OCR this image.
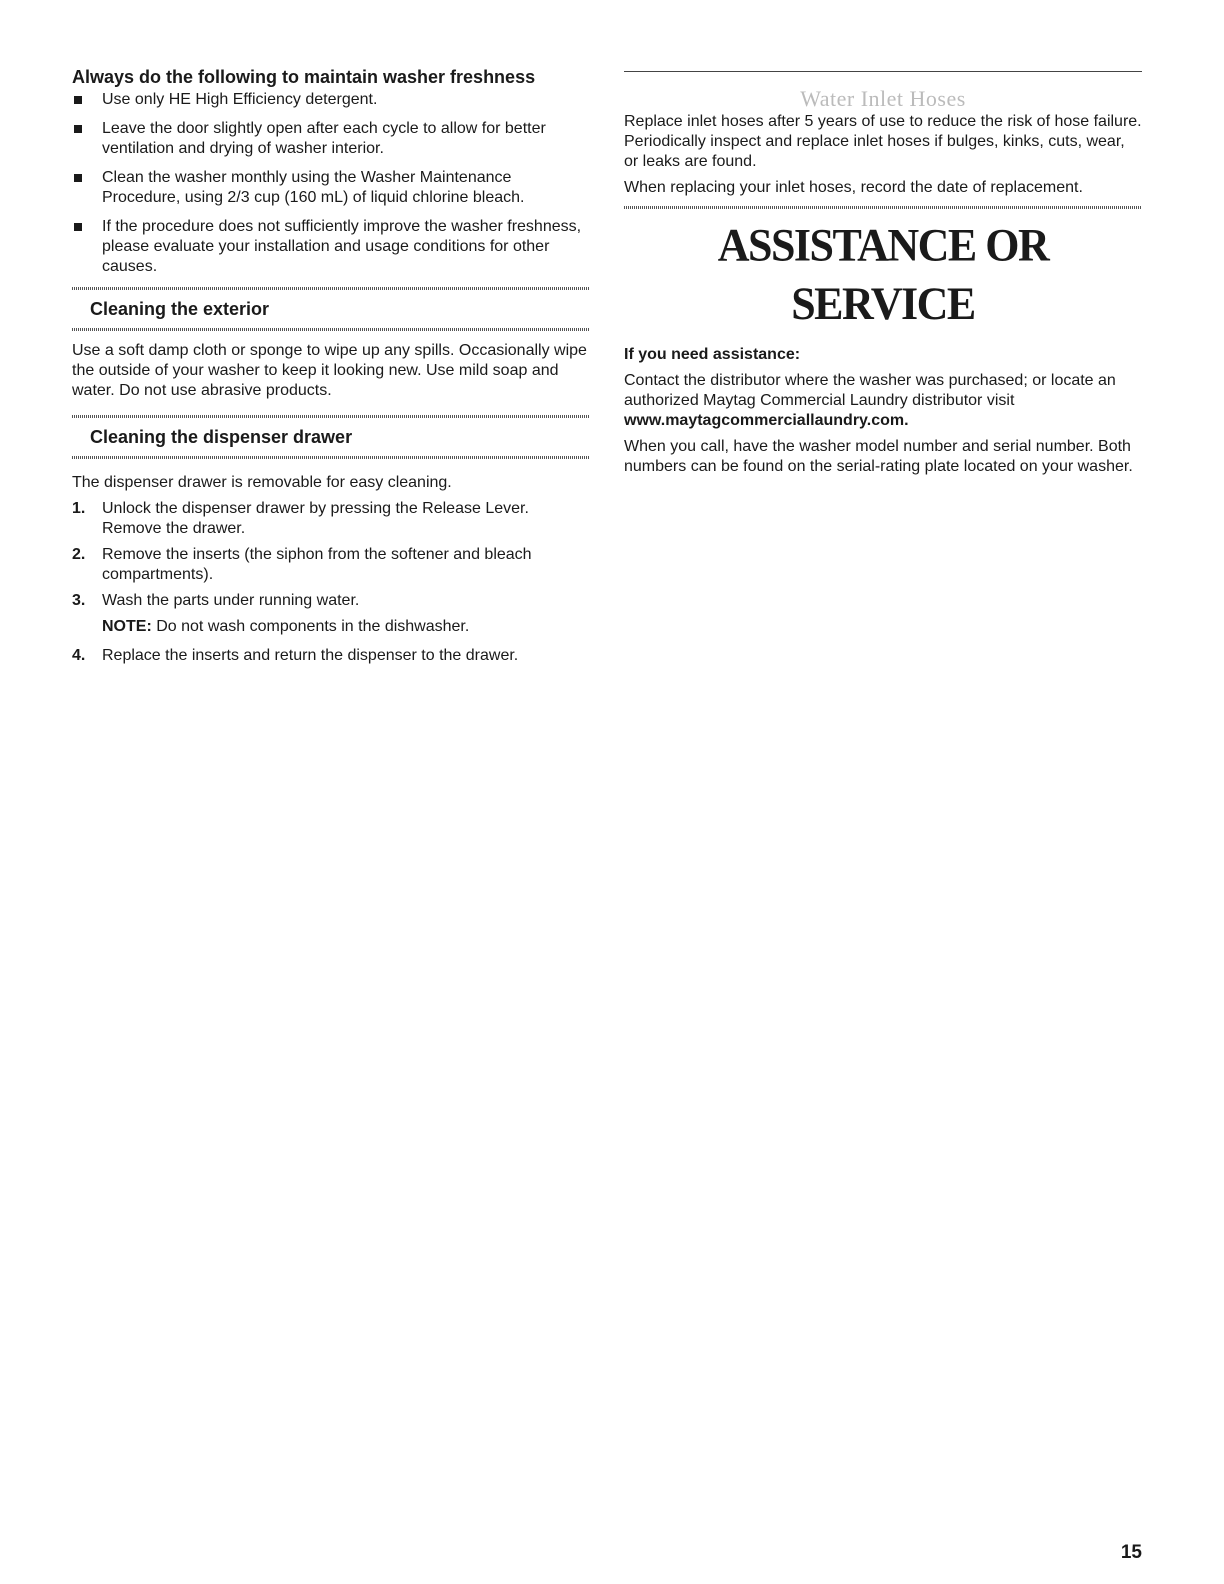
Always do the following to maintain washer freshness

Use only HE High Efficiency detergent.
Leave the door slightly open after each cycle to allow for better ventilation and drying of washer interior.
Clean the washer monthly using the Washer Maintenance Procedure, using 2/3 cup (160 mL) of liquid chlorine bleach.
If the procedure does not sufficiently improve the washer freshness, please evaluate your installation and usage conditions for other causes.
Cleaning the exterior

Use a soft damp cloth or sponge to wipe up any spills. Occasionally wipe the outside of your washer to keep it looking new. Use mild soap and water. Do not use abrasive products.

Cleaning the dispenser drawer

The dispenser drawer is removable for easy cleaning.

1. Unlock the dispenser drawer by pressing the Release Lever. Remove the drawer.
2. Remove the inserts (the siphon from the softener and bleach compartments).
3. Wash the parts under running water.

NOTE: Do not wash components in the dishwasher.

4. Replace the inserts and return the dispenser to the drawer.

Water Inlet Hoses

Replace inlet hoses after 5 years of use to reduce the risk of hose failure. Periodically inspect and replace inlet hoses if bulges, kinks, cuts, wear, or leaks are found.

When replacing your inlet hoses, record the date of replacement.

ASSISTANCE OR SERVICE

If you need assistance:

Contact the distributor where the washer was purchased; or locate an authorized Maytag Commercial Laundry distributor visit www.maytagcommerciallaundry.com.

When you call, have the washer model number and serial number. Both numbers can be found on the serial-rating plate located on your washer.

15
